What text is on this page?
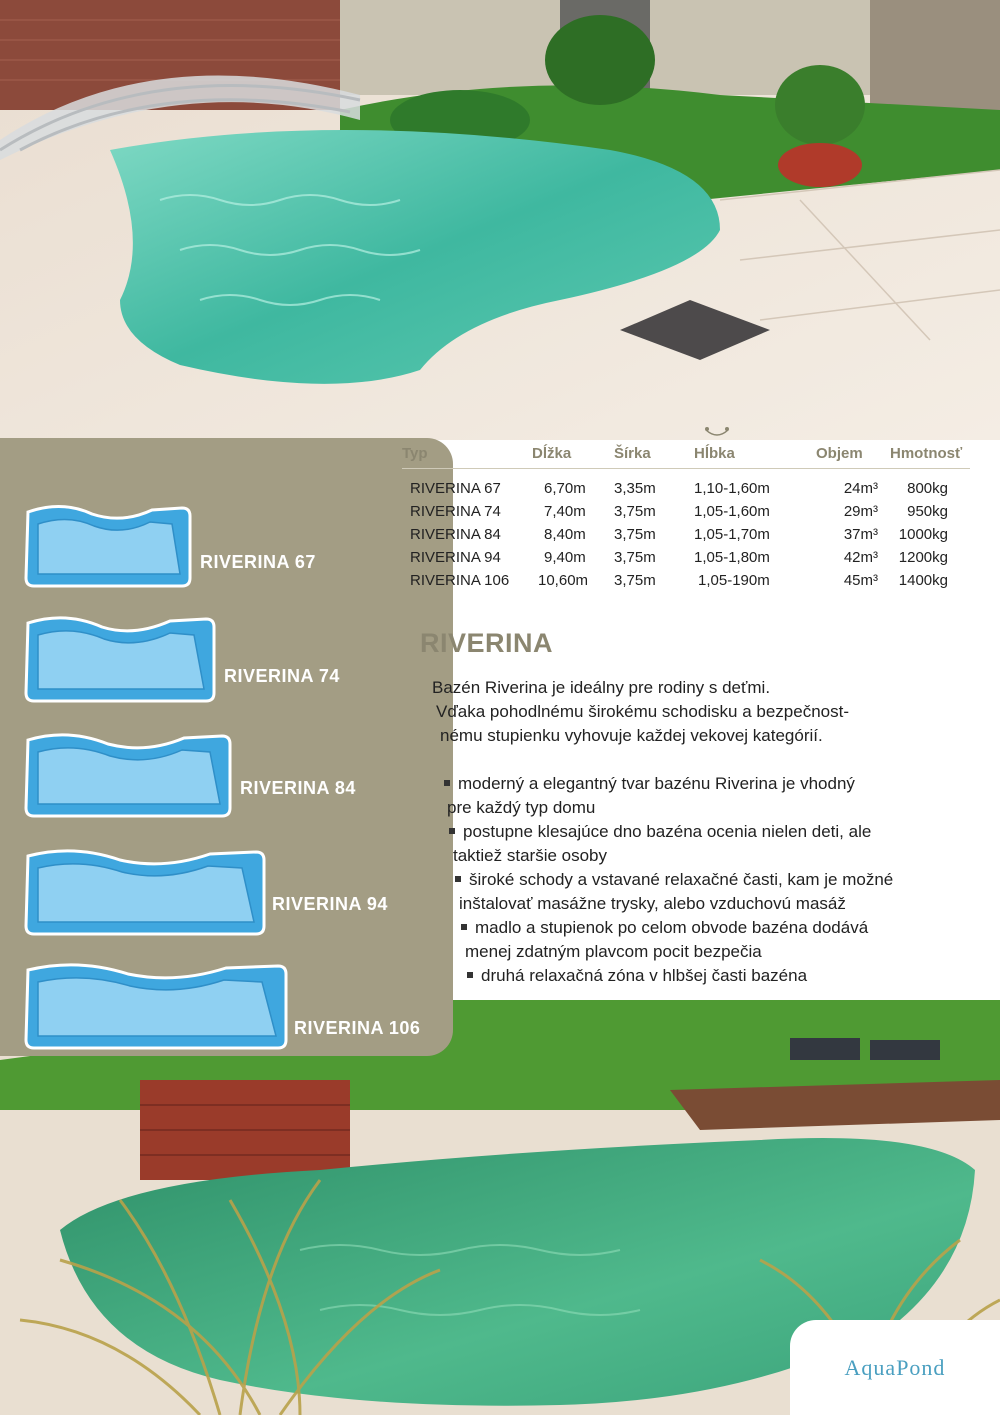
RIVERINA 67
RIVERINA 74
RIVERINA 84
RIVERINA 94
RIVERINA 106
Typ	Dĺžka	Šírka	Hĺbka	Objem	Hmotnosť

RIVERINA 67	6,70m	3,35m	1,10-1,60m	24m³	800kg
RIVERINA 74	7,40m	3,75m	1,05-1,60m	29m³	950kg
RIVERINA 84	8,40m	3,75m	1,05-1,70m	37m³	1000kg
RIVERINA 94	9,40m	3,75m	1,05-1,80m	42m³	1200kg
RIVERINA 106	10,60m	3,75m	1,05-190m	45m³	1400kg
RIVERINA
Bazén Riverina je ideálny pre rodiny s deťmi.
Vďaka pohodlnému širokému schodisku a bezpečnost-
nému stupienku vyhovuje každej vekovej kategórií.
moderný a elegantný tvar bazénu Riverina je vhodný
pre každý typ domu
postupne klesajúce dno bazéna ocenia nielen deti, ale
taktiež staršie osoby
široké schody a vstavané relaxačné časti, kam je možné
inštalovať masážne trysky, alebo vzduchovú masáž
madlo a stupienok po celom obvode bazéna dodává
menej zdatným plavcom pocit bezpečia
druhá relaxačná zóna v hlbšej časti bazéna
AquaPond
